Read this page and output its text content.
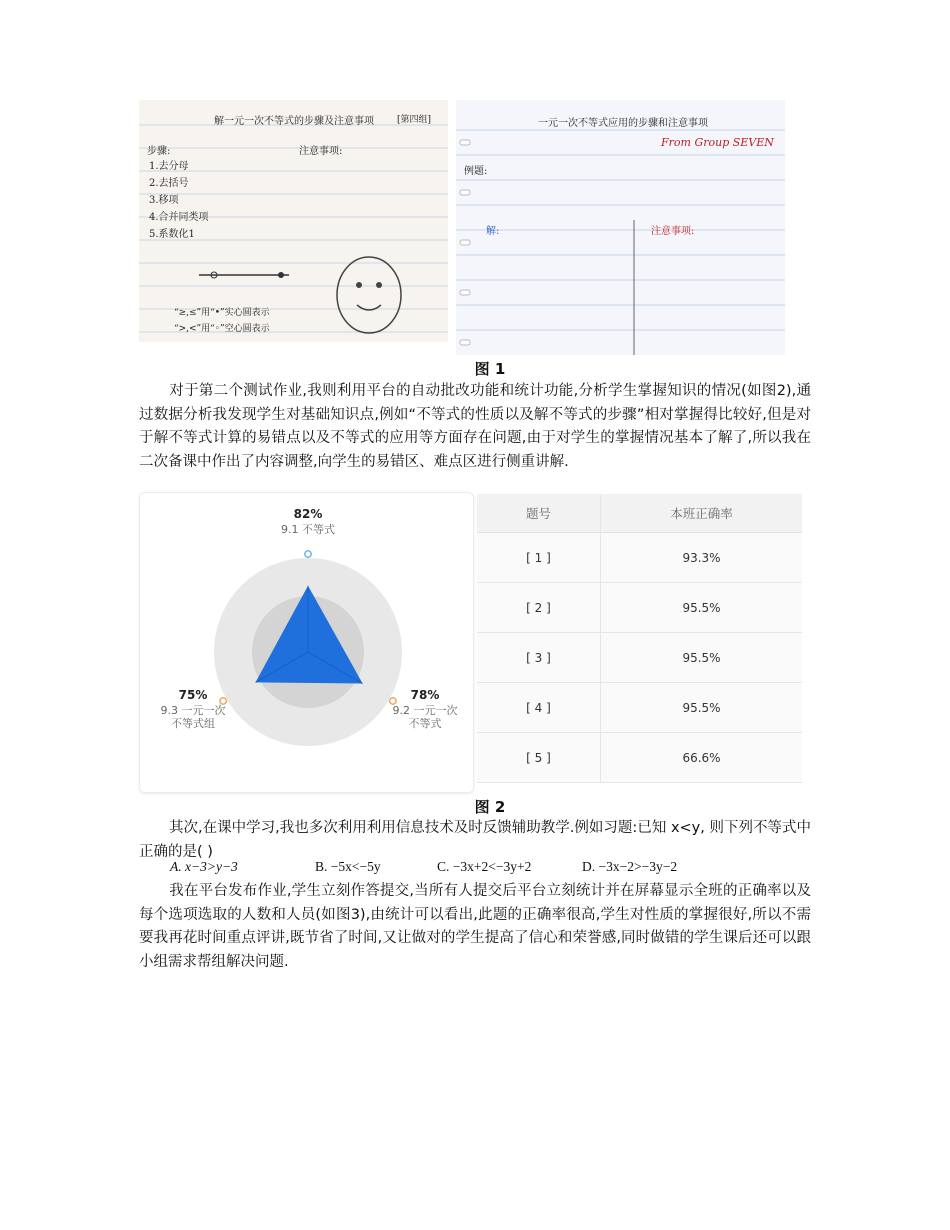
解一元一次不等式的步骤及注意事项	[第四组]
步骤:	注意事项:
1.去分母
2.去括号
3.移项
4.合并同类项
5.系数化1
“≥,≤”用“•”实心圆表示
“>,<”用“◦”空心圆表示
一元一次不等式应用的步骤和注意事项
From Group SEVEN
例题:
解:	注意事项:
图 1
对于第二个测试作业,我则利用平台的自动批改功能和统计功能,分析学生掌握知识的情况(如图2),通过数据分析我发现学生对基础知识点,例如“不等式的性质以及解不等式的步骤”相对掌握得比较好,但是对于解不等式计算的易错点以及不等式的应用等方面存在问题,由于对学生的掌握情况基本了解了,所以我在二次备课中作出了内容调整,向学生的易错区、难点区进行侧重讲解.
82%
9.1 不等式
78%
9.2 一元一次
不等式
75%
9.3 一元一次
不等式组
题号	本班正确率
[ 1 ]	93.3%
[ 2 ]	95.5%
[ 3 ]	95.5%
[ 4 ]	95.5%
[ 5 ]	66.6%
图 2
其次,在课中学习,我也多次利用利用信息技术及时反馈辅助教学.例如习题:已知 x<y, 则下列不等式中正确的是( )
A. x−3>y−3	B. −5x<−5y	C. −3x+2<−3y+2	D. −3x−2>−3y−2
我在平台发布作业,学生立刻作答提交,当所有人提交后平台立刻统计并在屏幕显示全班的正确率以及每个选项选取的人数和人员(如图3),由统计可以看出,此题的正确率很高,学生对性质的掌握很好,所以不需要我再花时间重点评讲,既节省了时间,又让做对的学生提高了信心和荣誉感,同时做错的学生课后还可以跟小组需求帮组解决问题.
